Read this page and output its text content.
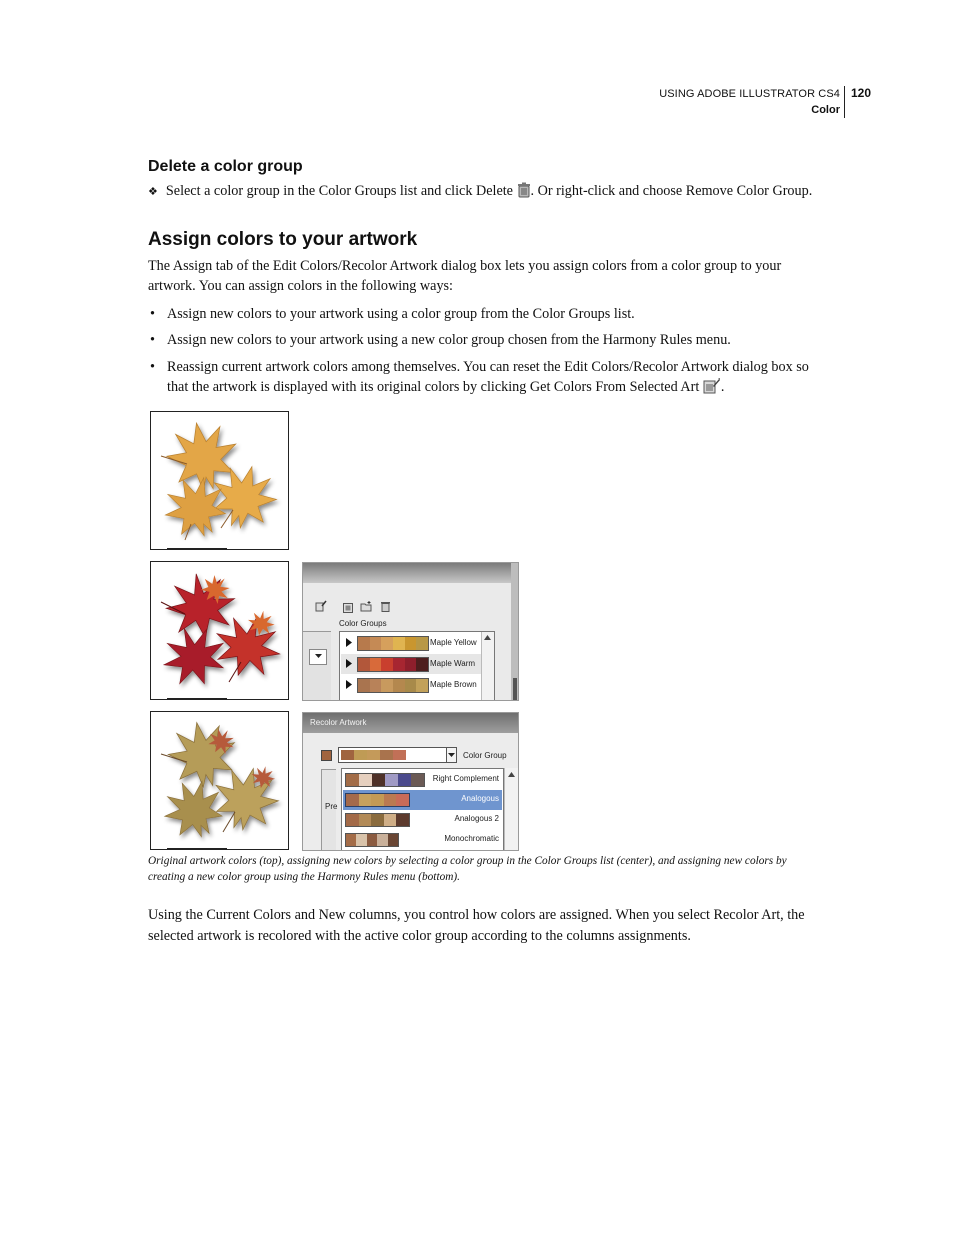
USING ADOBE ILLUSTRATOR CS4
Color
120
Delete a color group
❖ Select a color group in the Color Groups list and click Delete . Or right-click and choose Remove Color Group.
Assign colors to your artwork
The Assign tab of the Edit Colors/Recolor Artwork dialog box lets you assign colors from a color group to your
artwork. You can assign colors in the following ways:
• Assign new colors to your artwork using a color group from the Color Groups list.
• Assign new colors to your artwork using a new color group chosen from the Harmony Rules menu.
• Reassign current artwork colors among themselves. You can reset the Edit Colors/Recolor Artwork dialog box so
that the artwork is displayed with its original colors by clicking Get Colors From Selected Art .
Color Groups
Maple Yellow
Maple Warm
Maple Brown
Recolor Artwork
Color Group
Pre
Right Complement
Analogous
Analogous 2
Monochromatic
Original artwork colors (top), assigning new colors by selecting a color group in the Color Groups list (center), and assigning new colors by
creating a new color group using the Harmony Rules menu (bottom).
Using the Current Colors and New columns, you control how colors are assigned. When you select Recolor Art, the
selected artwork is recolored with the active color group according to the columns assignments.
